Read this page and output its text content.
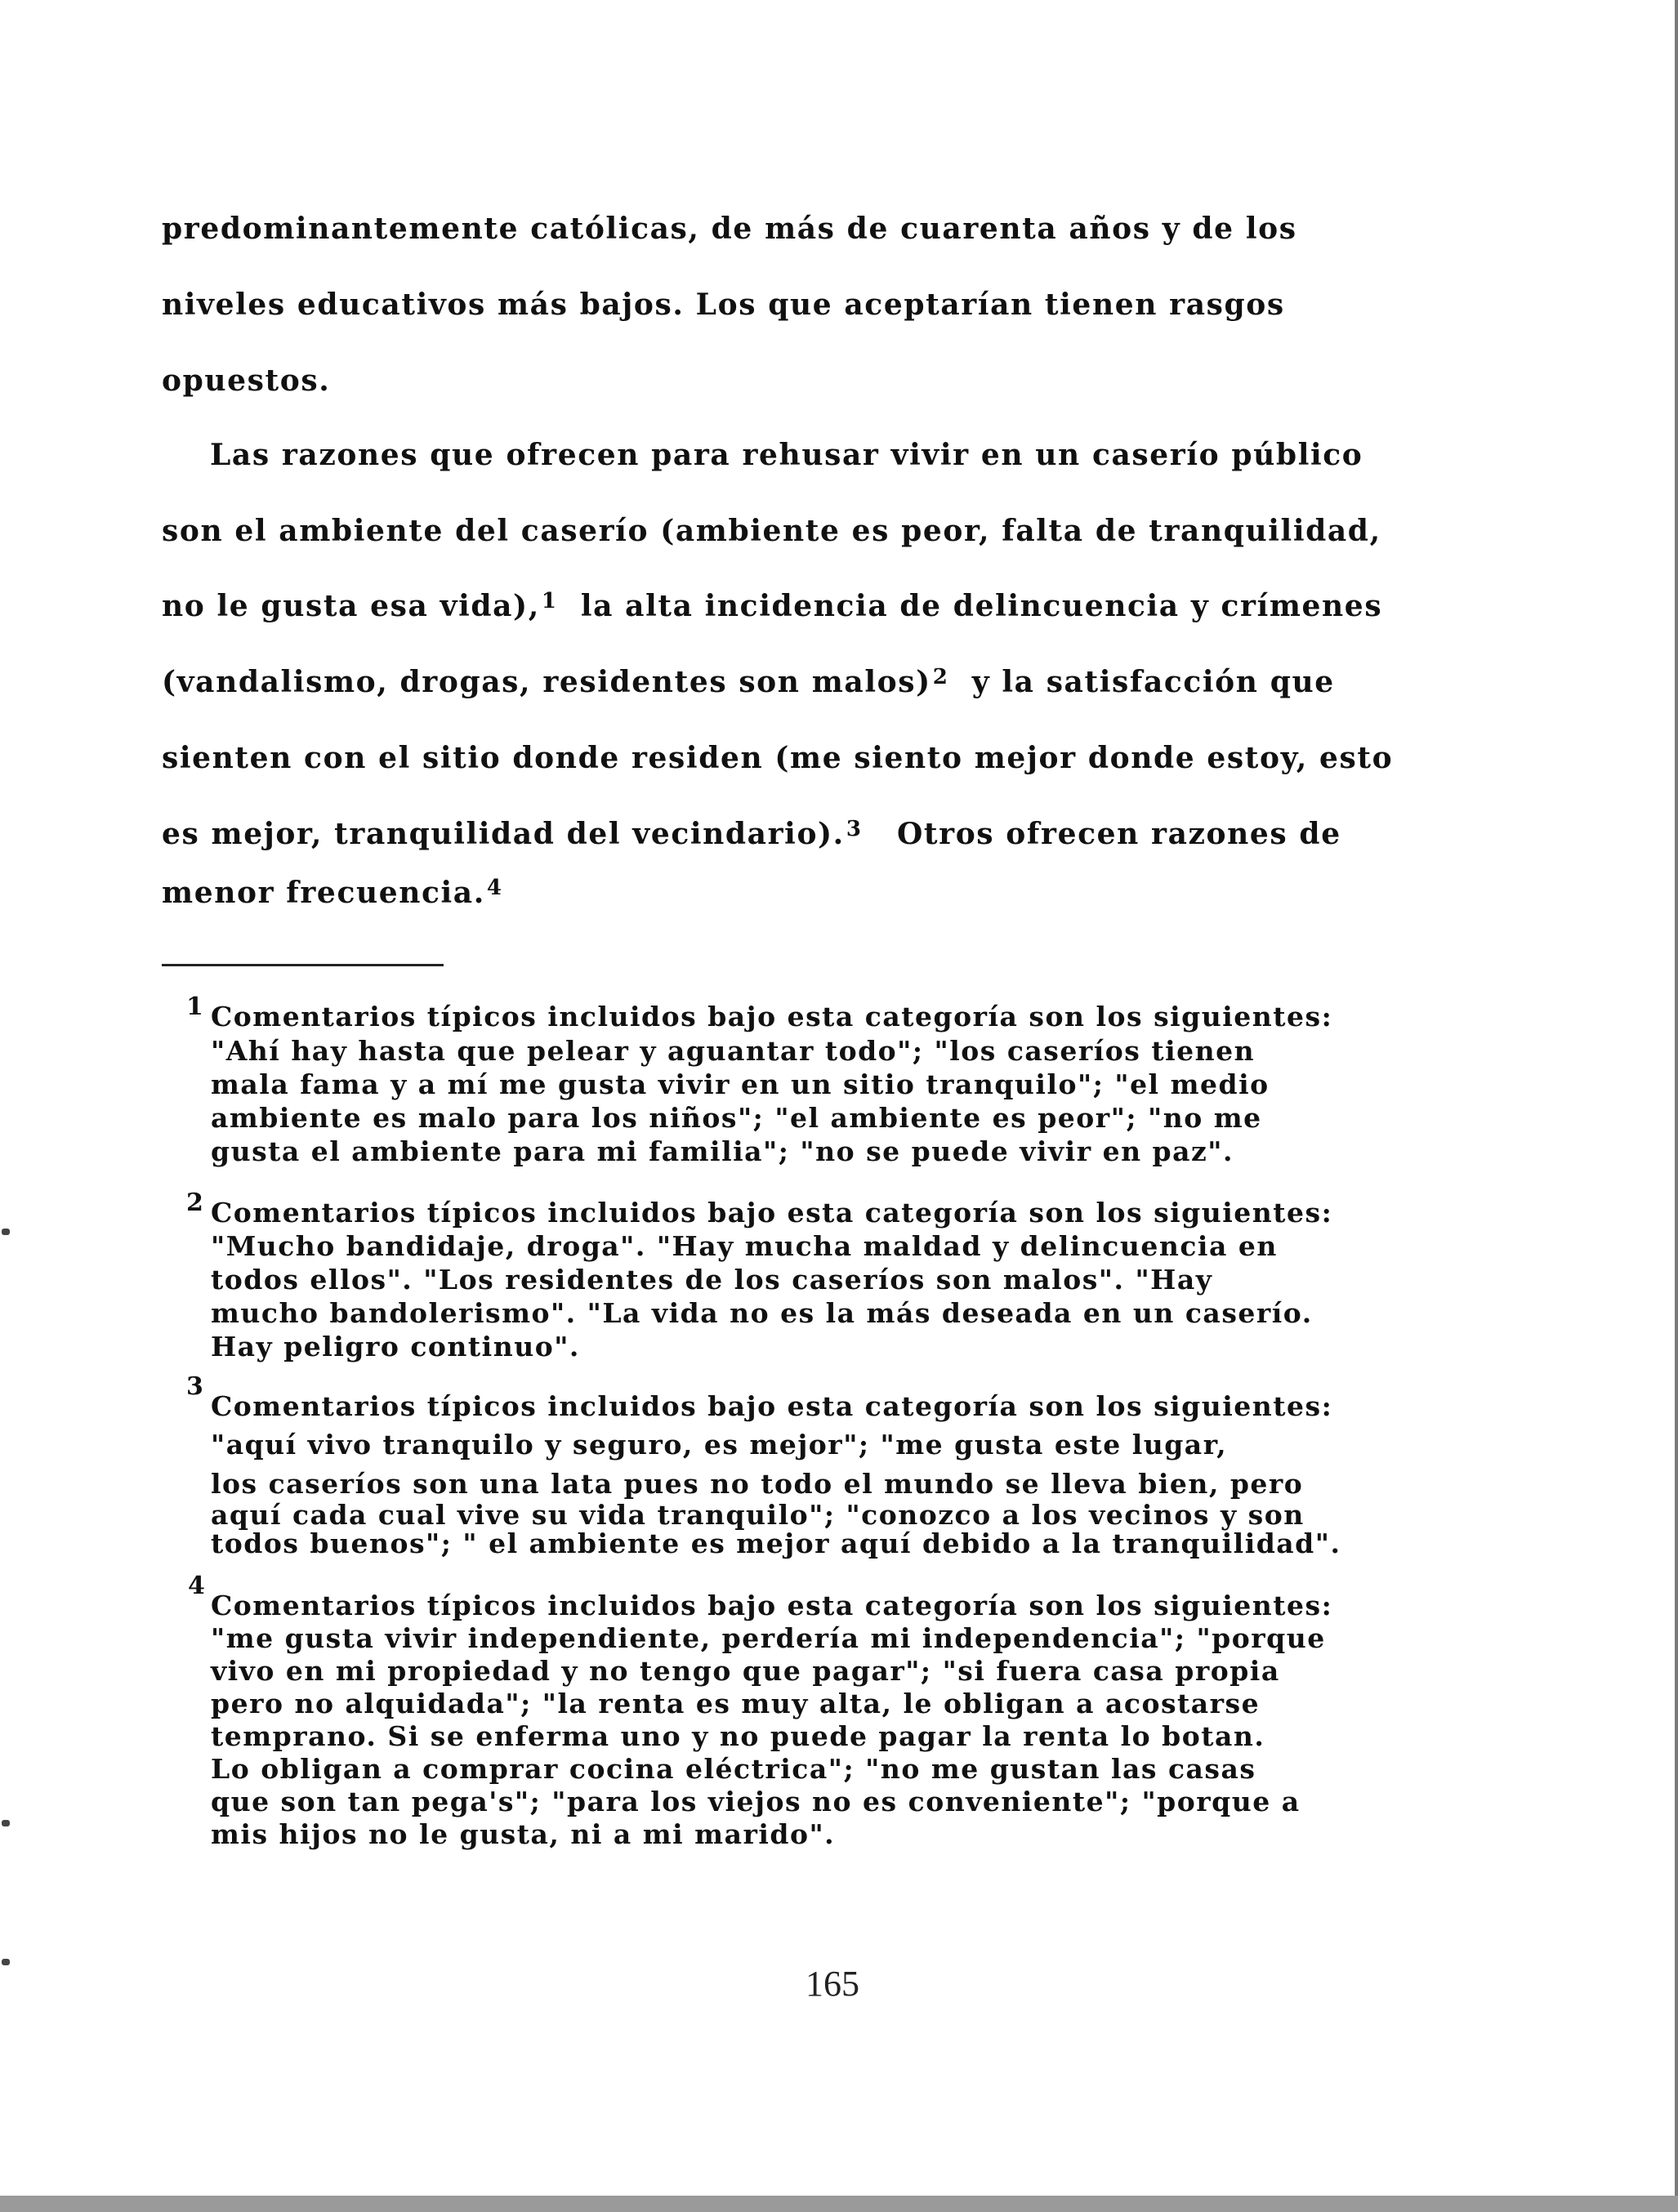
predominantemente católicas, de más de cuarenta años y de los
niveles educativos más bajos. Los que aceptarían tienen rasgos
opuestos.
Las razones que ofrecen para rehusar vivir en un caserío público
son el ambiente del caserío (ambiente es peor, falta de tranquilidad,
no le gusta esa vida),$^1$ la alta incidencia de delincuencia y crímenes
(vandalismo, drogas, residentes son malos)$^2$ y la satisfacción que
sienten con el sitio donde residen (me siento mejor donde estoy, esto
es mejor, tranquilidad del vecindario).$^3$ Otros ofrecen razones de
menor frecuencia.$^4$
1 Comentarios típicos incluidos bajo esta categoría son los siguientes:
"Ahí hay hasta que pelear y aguantar todo"; "los caseríos tienen
mala fama y a mí me gusta vivir en un sitio tranquilo"; "el medio
ambiente es malo para los niños"; "el ambiente es peor"; "no me
gusta el ambiente para mi familia"; "no se puede vivir en paz".
2 Comentarios típicos incluidos bajo esta categoría son los siguientes:
"Mucho bandidaje, droga". "Hay mucha maldad y delincuencia en
todos ellos". "Los residentes de los caseríos son malos". "Hay
mucho bandolerismo". "La vida no es la más deseada en un caserío.
Hay peligro continuo".
3
Comentarios típicos incluidos bajo esta categoría son los siguientes:
"aquí vivo tranquilo y seguro, es mejor"; "me gusta este lugar,
los caseríos son una lata pues no todo el mundo se lleva bien, pero
aquí cada cual vive su vida tranquilo"; "conozco a los vecinos y son
todos buenos"; " el ambiente es mejor aquí debido a la tranquilidad".
4
Comentarios típicos incluidos bajo esta categoría son los siguientes:
"me gusta vivir independiente, perdería mi independencia"; "porque
vivo en mi propiedad y no tengo que pagar"; "si fuera casa propia
pero no alquidada"; "la renta es muy alta, le obligan a acostarse
temprano. Si se enferma uno y no puede pagar la renta lo botan.
Lo obligan a comprar cocina eléctrica"; "no me gustan las casas
que son tan pega's"; "para los viejos no es conveniente"; "porque a
mis hijos no le gusta, ni a mi marido".
165
